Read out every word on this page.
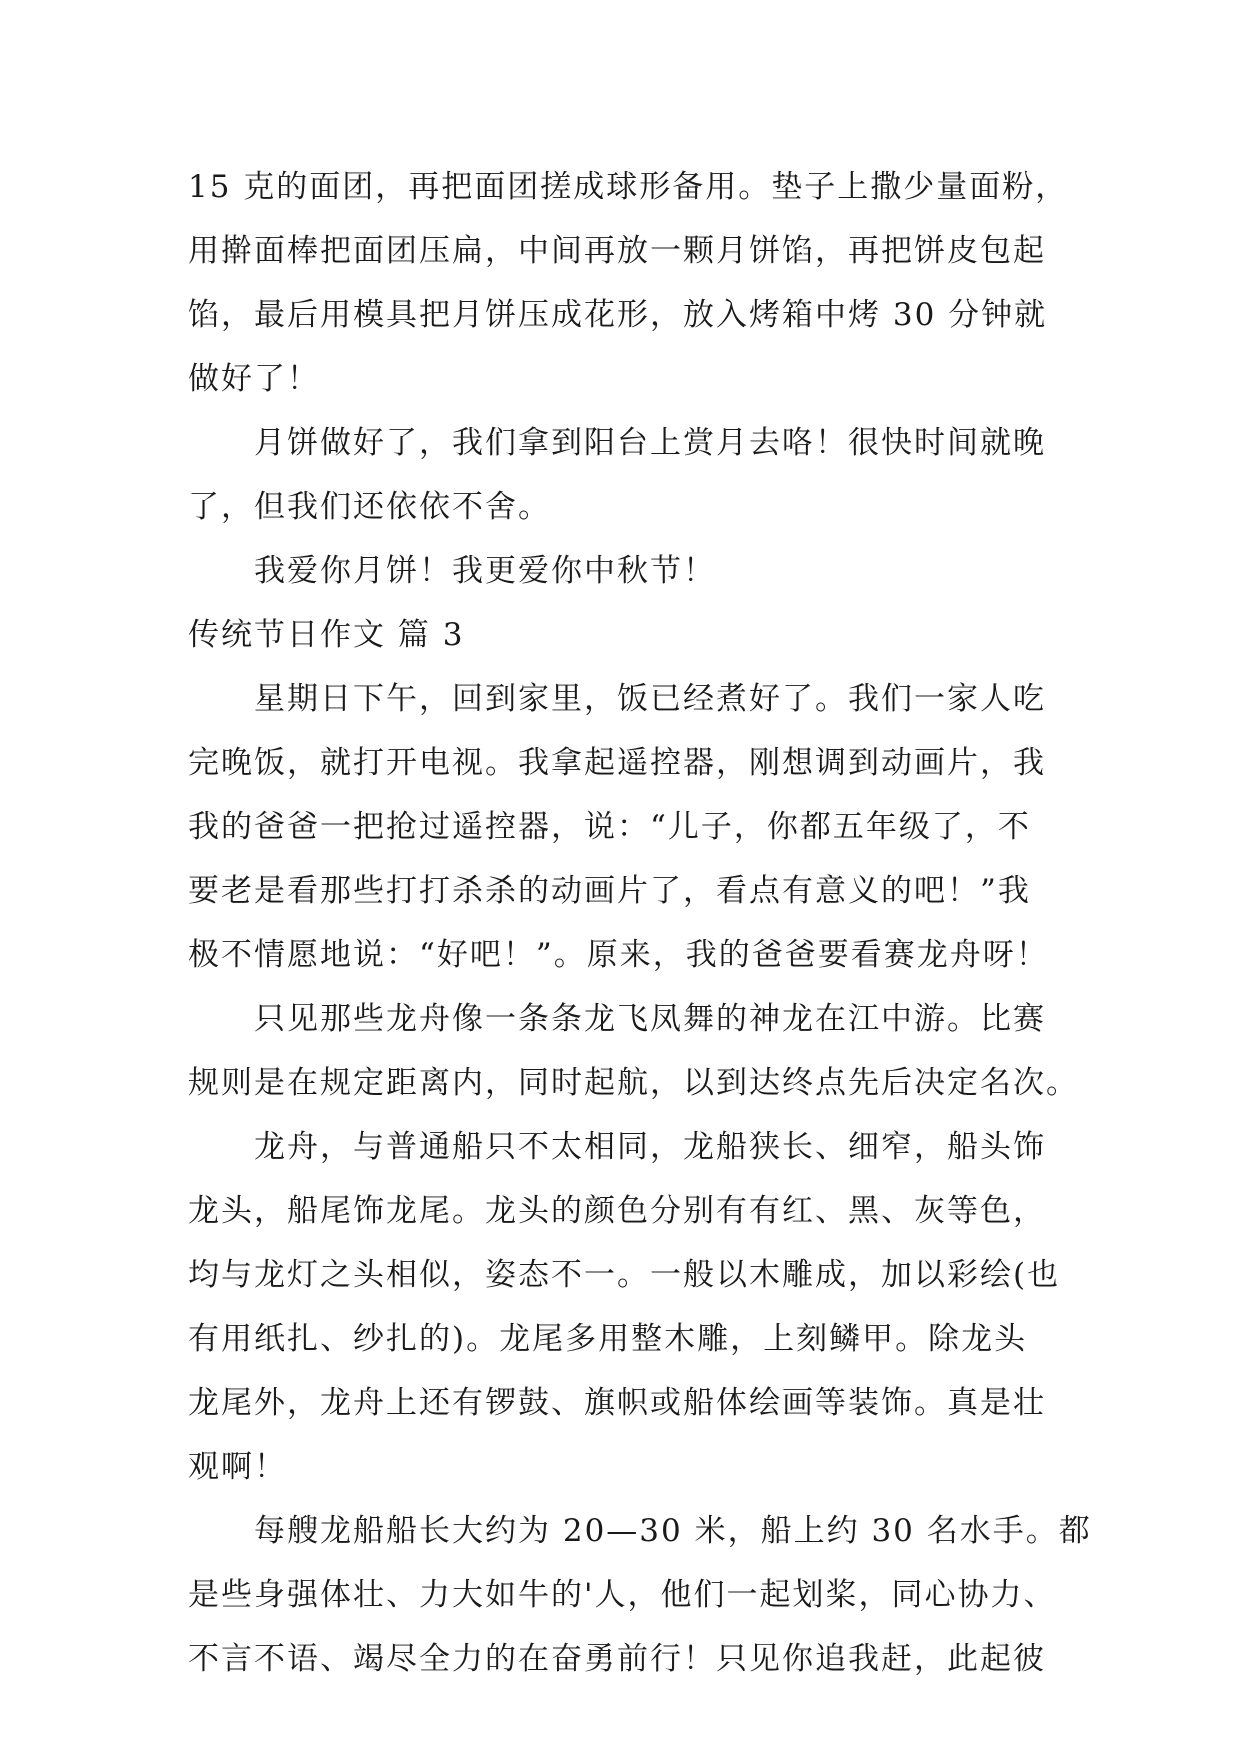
15 克的面团，再把面团搓成球形备用。垫子上撒少量面粉，
用擀面棒把面团压扁，中间再放一颗月饼馅，再把饼皮包起
馅，最后用模具把月饼压成花形，放入烤箱中烤 30 分钟就
做好了！
月饼做好了，我们拿到阳台上赏月去咯！很快时间就晚
了，但我们还依依不舍。
我爱你月饼！我更爱你中秋节！
传统节日作文 篇 3
星期日下午，回到家里，饭已经煮好了。我们一家人吃
完晚饭，就打开电视。我拿起遥控器，刚想调到动画片，我
我的爸爸一把抢过遥控器，说：“儿子，你都五年级了，不
要老是看那些打打杀杀的动画片了，看点有意义的吧！”我
极不情愿地说：“好吧！”。原来，我的爸爸要看赛龙舟呀！
只见那些龙舟像一条条龙飞凤舞的神龙在江中游。比赛
规则是在规定距离内，同时起航，以到达终点先后决定名次。
龙舟，与普通船只不太相同，龙船狭长、细窄，船头饰
龙头，船尾饰龙尾。龙头的颜色分别有有红、黑、灰等色，
均与龙灯之头相似，姿态不一。一般以木雕成，加以彩绘(也
有用纸扎、纱扎的)。龙尾多用整木雕，上刻鳞甲。除龙头
龙尾外，龙舟上还有锣鼓、旗帜或船体绘画等装饰。真是壮
观啊！
每艘龙船船长大约为 20—30 米，船上约 30 名水手。都
是些身强体壮、力大如牛的'人，他们一起划桨，同心协力、
不言不语、竭尽全力的在奋勇前行！只见你追我赶，此起彼
